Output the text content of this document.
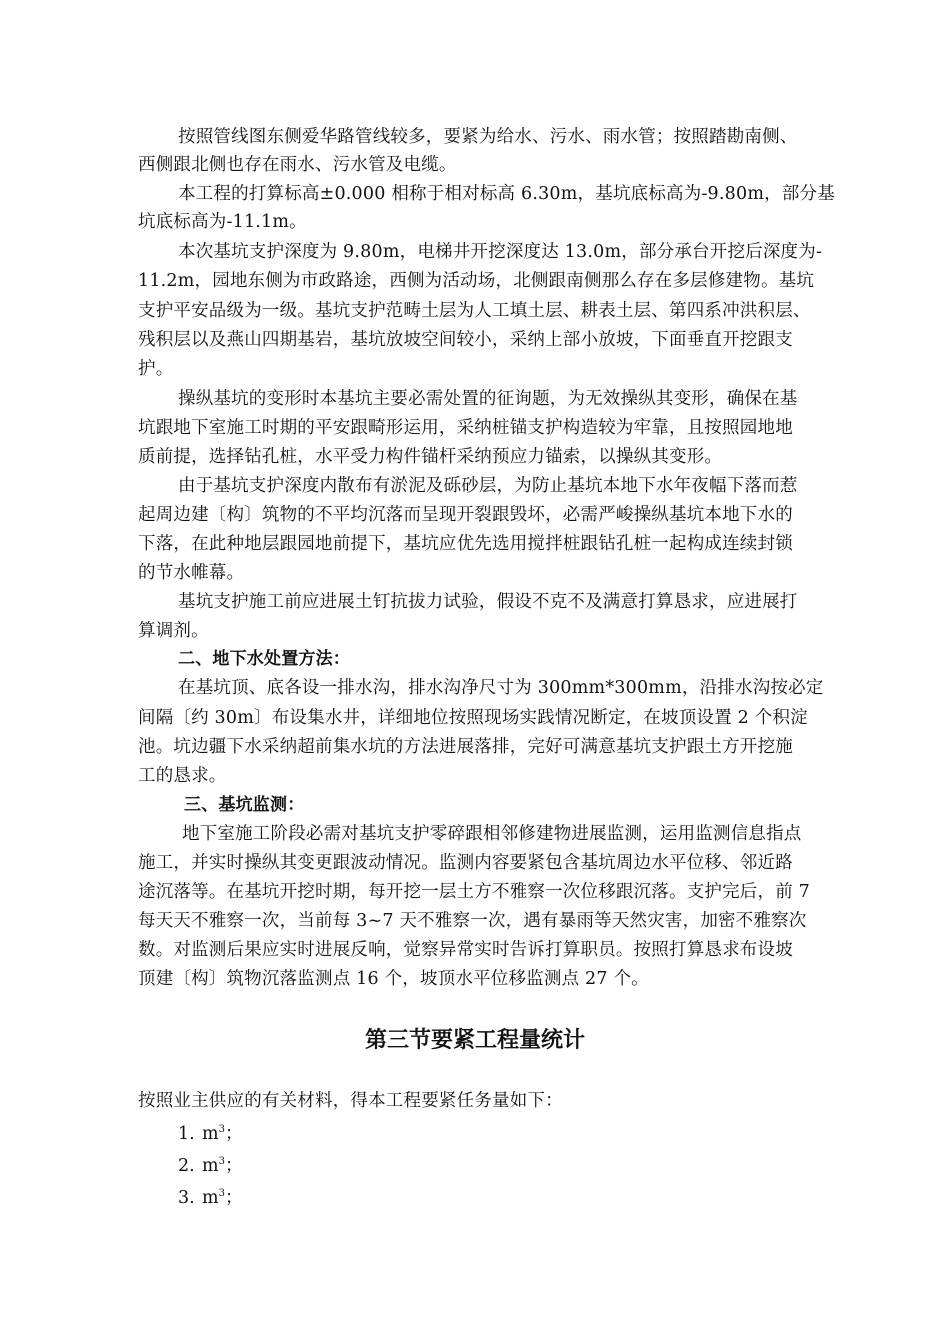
按照管线图东侧爱华路管线较多，要紧为给水、污水、雨水管；按照踏勘南侧、
西侧跟北侧也存在雨水、污水管及电缆。
本工程的打算标高±0.000 相称于相对标高 6.30m，基坑底标高为-9.80m，部分基
坑底标高为-11.1m。
本次基坑支护深度为 9.80m，电梯井开挖深度达 13.0m，部分承台开挖后深度为-
11.2m，园地东侧为市政路途，西侧为活动场，北侧跟南侧那么存在多层修建物。基坑
支护平安品级为一级。基坑支护范畴土层为人工填土层、耕表土层、第四系冲洪积层、
残积层以及燕山四期基岩，基坑放坡空间较小，采纳上部小放坡，下面垂直开挖跟支
护。
操纵基坑的变形时本基坑主要必需处置的征询题，为无效操纵其变形，确保在基
坑跟地下室施工时期的平安跟畸形运用，采纳桩锚支护构造较为牢靠，且按照园地地
质前提，选择钻孔桩，水平受力构件锚杆采纳预应力锚索，以操纵其变形。
由于基坑支护深度内散布有淤泥及砾砂层，为防止基坑本地下水年夜幅下落而惹
起周边建〔构〕筑物的不平均沉落而呈现开裂跟毁坏，必需严峻操纵基坑本地下水的
下落，在此种地层跟园地前提下，基坑应优先选用搅拌桩跟钻孔桩一起构成连续封锁
的节水帷幕。
基坑支护施工前应进展土钉抗拔力试验，假设不克不及满意打算恳求，应进展打
算调剂。
二、地下水处置方法：
在基坑顶、底各设一排水沟，排水沟净尺寸为 300mm*300mm，沿排水沟按必定
间隔〔约 30m〕布设集水井，详细地位按照现场实践情况断定，在坡顶设置 2 个积淀
池。坑边疆下水采纳超前集水坑的方法进展落排，完好可满意基坑支护跟土方开挖施
工的恳求。
三、基坑监测：
地下室施工阶段必需对基坑支护零碎跟相邻修建物进展监测，运用监测信息指点
施工，并实时操纵其变更跟波动情况。监测内容要紧包含基坑周边水平位移、邻近路
途沉落等。在基坑开挖时期，每开挖一层土方不雅察一次位移跟沉落。支护完后，前 7
每天天不雅察一次，当前每 3~7 天不雅察一次，遇有暴雨等天然灾害，加密不雅察次
数。对监测后果应实时进展反响，觉察异常实时告诉打算职员。按照打算恳求布设坡
顶建〔构〕筑物沉落监测点 16 个，坡顶水平位移监测点 27 个。
第三节要紧工程量统计
按照业主供应的有关材料，得本工程要紧任务量如下：
1. $m^3$；
2. $m^3$；
3. $m^3$；
